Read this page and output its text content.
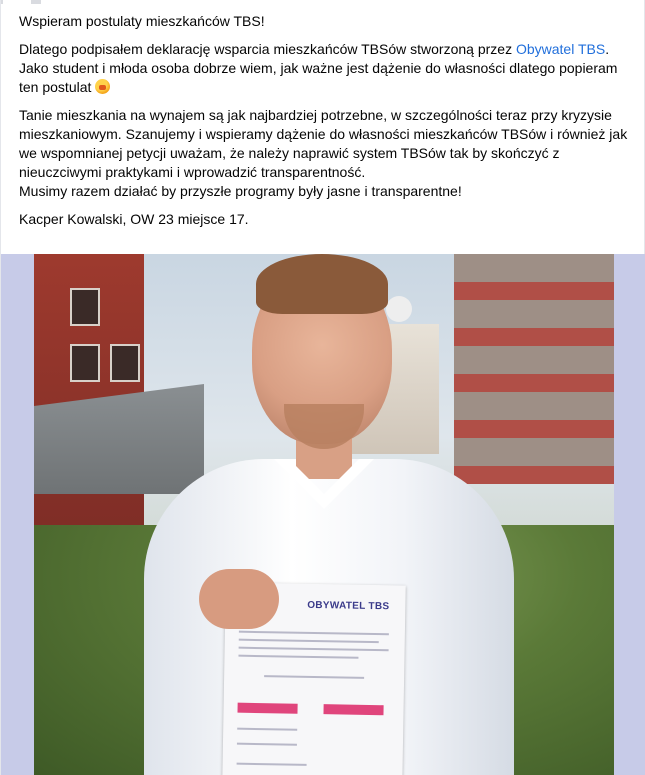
Wspieram postulaty mieszkańców TBS!

Dlatego podpisałem deklarację wsparcia mieszkańców TBSów stworzoną przez Obywatel TBS.
Jako student i młoda osoba dobrze wiem, jak ważne jest dążenie do własności dlatego popieram ten postulat

Tanie mieszkania na wynajem są jak najbardziej potrzebne, w szczególności teraz przy kryzysie mieszkaniowym. Szanujemy i wspieramy dążenie do własności mieszkańców TBSów i również jak we wspomnianej petycji uważam, że należy naprawić system TBSów tak by skończyć z nieuczciwymi praktykami i wprowadzić transparentność.
Musimy razem działać by przyszłe programy były jasne i transparentne!

Kacper Kowalski, OW 23 miejsce 17.

OBYWATEL TBS
